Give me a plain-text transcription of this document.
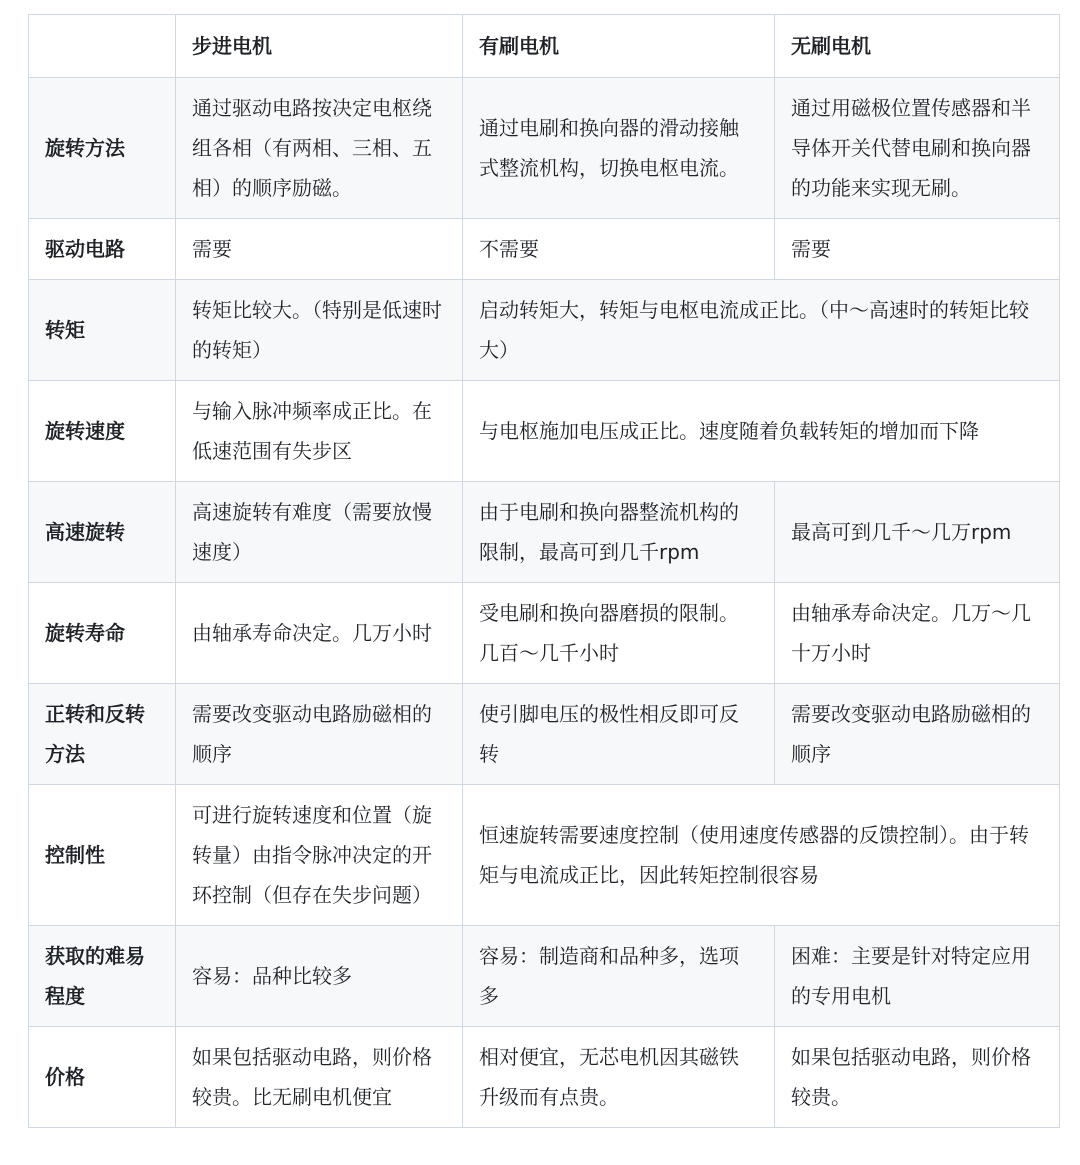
	步进电机	有刷电机	无刷电机
旋转方法	通过驱动电路按决定电枢绕组各相（有两相、三相、五相）的顺序励磁。	通过电刷和换向器的滑动接触式整流机构，切换电枢电流。	通过用磁极位置传感器和半导体开关代替电刷和换向器的功能来实现无刷。
驱动电路	需要	不需要	需要
转矩	转矩比较大。（特别是低速时的转矩）	启动转矩大，转矩与电枢电流成正比。（中～高速时的转矩比较大）	
旋转速度	与输入脉冲频率成正比。在低速范围有失步区	与电枢施加电压成正比。速度随着负载转矩的增加而下降	
高速旋转	高速旋转有难度（需要放慢速度）	由于电刷和换向器整流机构的限制，最高可到几千rpm	最高可到几千～几万rpm
旋转寿命	由轴承寿命决定。几万小时	受电刷和换向器磨损的限制。几百～几千小时	由轴承寿命决定。几万～几十万小时
正转和反转方法	需要改变驱动电路励磁相的顺序	使引脚电压的极性相反即可反转	需要改变驱动电路励磁相的顺序
控制性	可进行旋转速度和位置（旋转量）由指令脉冲决定的开环控制（但存在失步问题）	恒速旋转需要速度控制（使用速度传感器的反馈控制）。由于转矩与电流成正比，因此转矩控制很容易	
获取的难易程度	容易：品种比较多	容易：制造商和品种多，选项多	困难：主要是针对特定应用的专用电机
价格	如果包括驱动电路，则价格较贵。比无刷电机便宜	相对便宜，无芯电机因其磁铁升级而有点贵。	如果包括驱动电路，则价格较贵。
